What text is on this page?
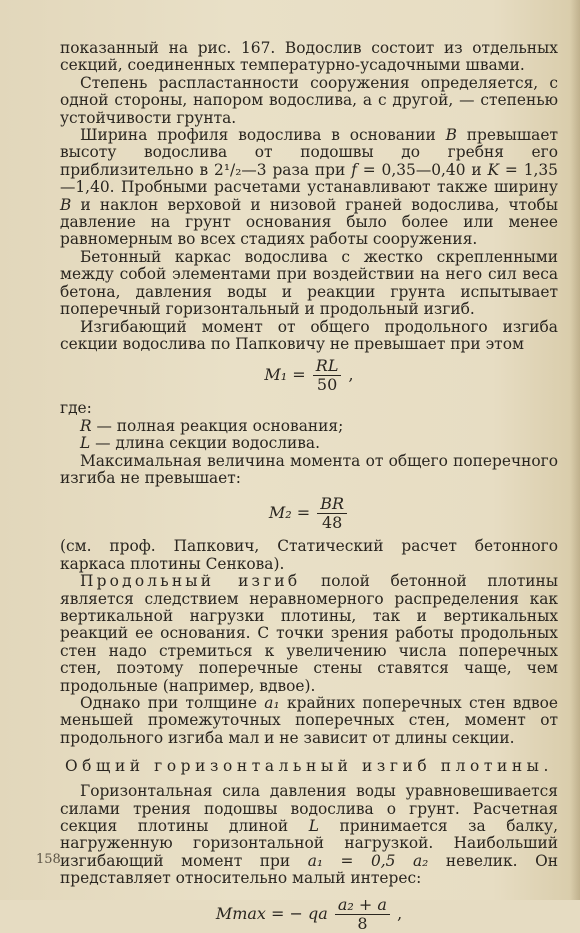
показанный на рис. 167. Водослив состоит из отдельных секций, соединенных температурно-усадочными швами.

Степень распластанности сооружения определяется, с одной стороны, напором водослива, а с другой, — степенью устойчивости грунта.

Ширина профиля водослива в основании B превышает высоту водослива от подошвы до гребня его приблизительно в 2¹/₂—3 раза при f = 0,35—0,40 и K = 1,35—1,40. Пробными расчетами устанавливают также ширину B и наклон верховой и низовой граней водослива, чтобы давление на грунт основания было более или менее равномерным во всех стадиях работы сооружения.

Бетонный каркас водослива с жестко скрепленными между собой элементами при воздействии на него сил веса бетона, давления воды и реакции грунта испытывает поперечный горизонтальный и продольный изгиб.

Изгибающий момент от общего продольного изгиба секции водослива по Папковичу не превышает при этом

$M_1 = \frac{RL}{50}$ ,

где:

R — полная реакция основания;

L — длина секции водослива.

Максимальная величина момента от общего поперечного изгиба не превышает:

$M_2 = \frac{BR}{48}$

(см. проф. Папкович, Статический расчет бетонного каркаса плотины Сенкова).

Продольный изгиб полой бетонной плотины является следствием неравномерного распределения как вертикальной нагрузки плотины, так и вертикальных реакций ее основания. С точки зрения работы продольных стен надо стремиться к увеличению числа поперечных стен, поэтому поперечные стены ставятся чаще, чем продольные (например, вдвое).

Однако при толщине a₁ крайних поперечных стен вдвое меньшей промежуточных поперечных стен, момент от продольного изгиба мал и не зависит от длины секции.

Общий горизонтальный изгиб плотины.

Горизонтальная сила давления воды уравновешивается силами трения подошвы водослива о грунт. Расчетная секция плотины длиной L принимается за балку, нагруженную горизонтальной нагрузкой. Наибольший изгибающий момент при a₁ = 0,5 a₂ невелик. Он представляет относительно малый интерес:

Mmax = − qa $\frac{\text{a₂ + a}}{8}$ ,
158
